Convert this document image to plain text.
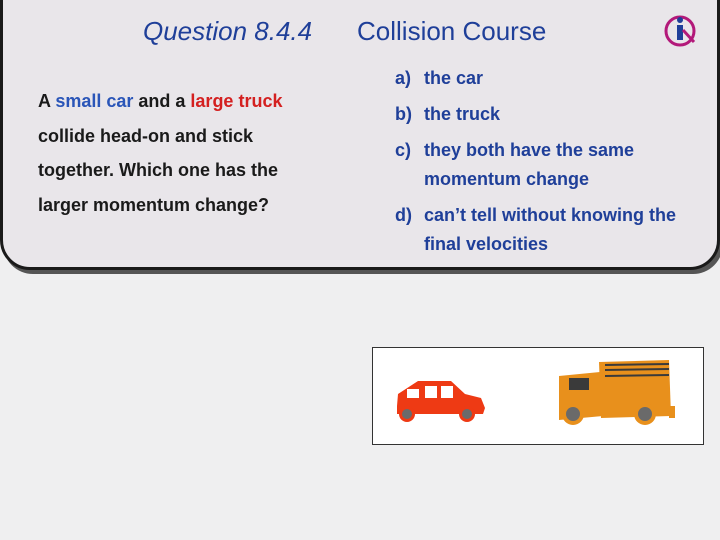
Question 8.4.4 Collision Course
A small car and a large truck
collide head-on and stick
together. Which one has the
larger momentum change?
a) the car
b) the truck
c) they both have the same momentum change
d) can’t tell without knowing the final velocities
